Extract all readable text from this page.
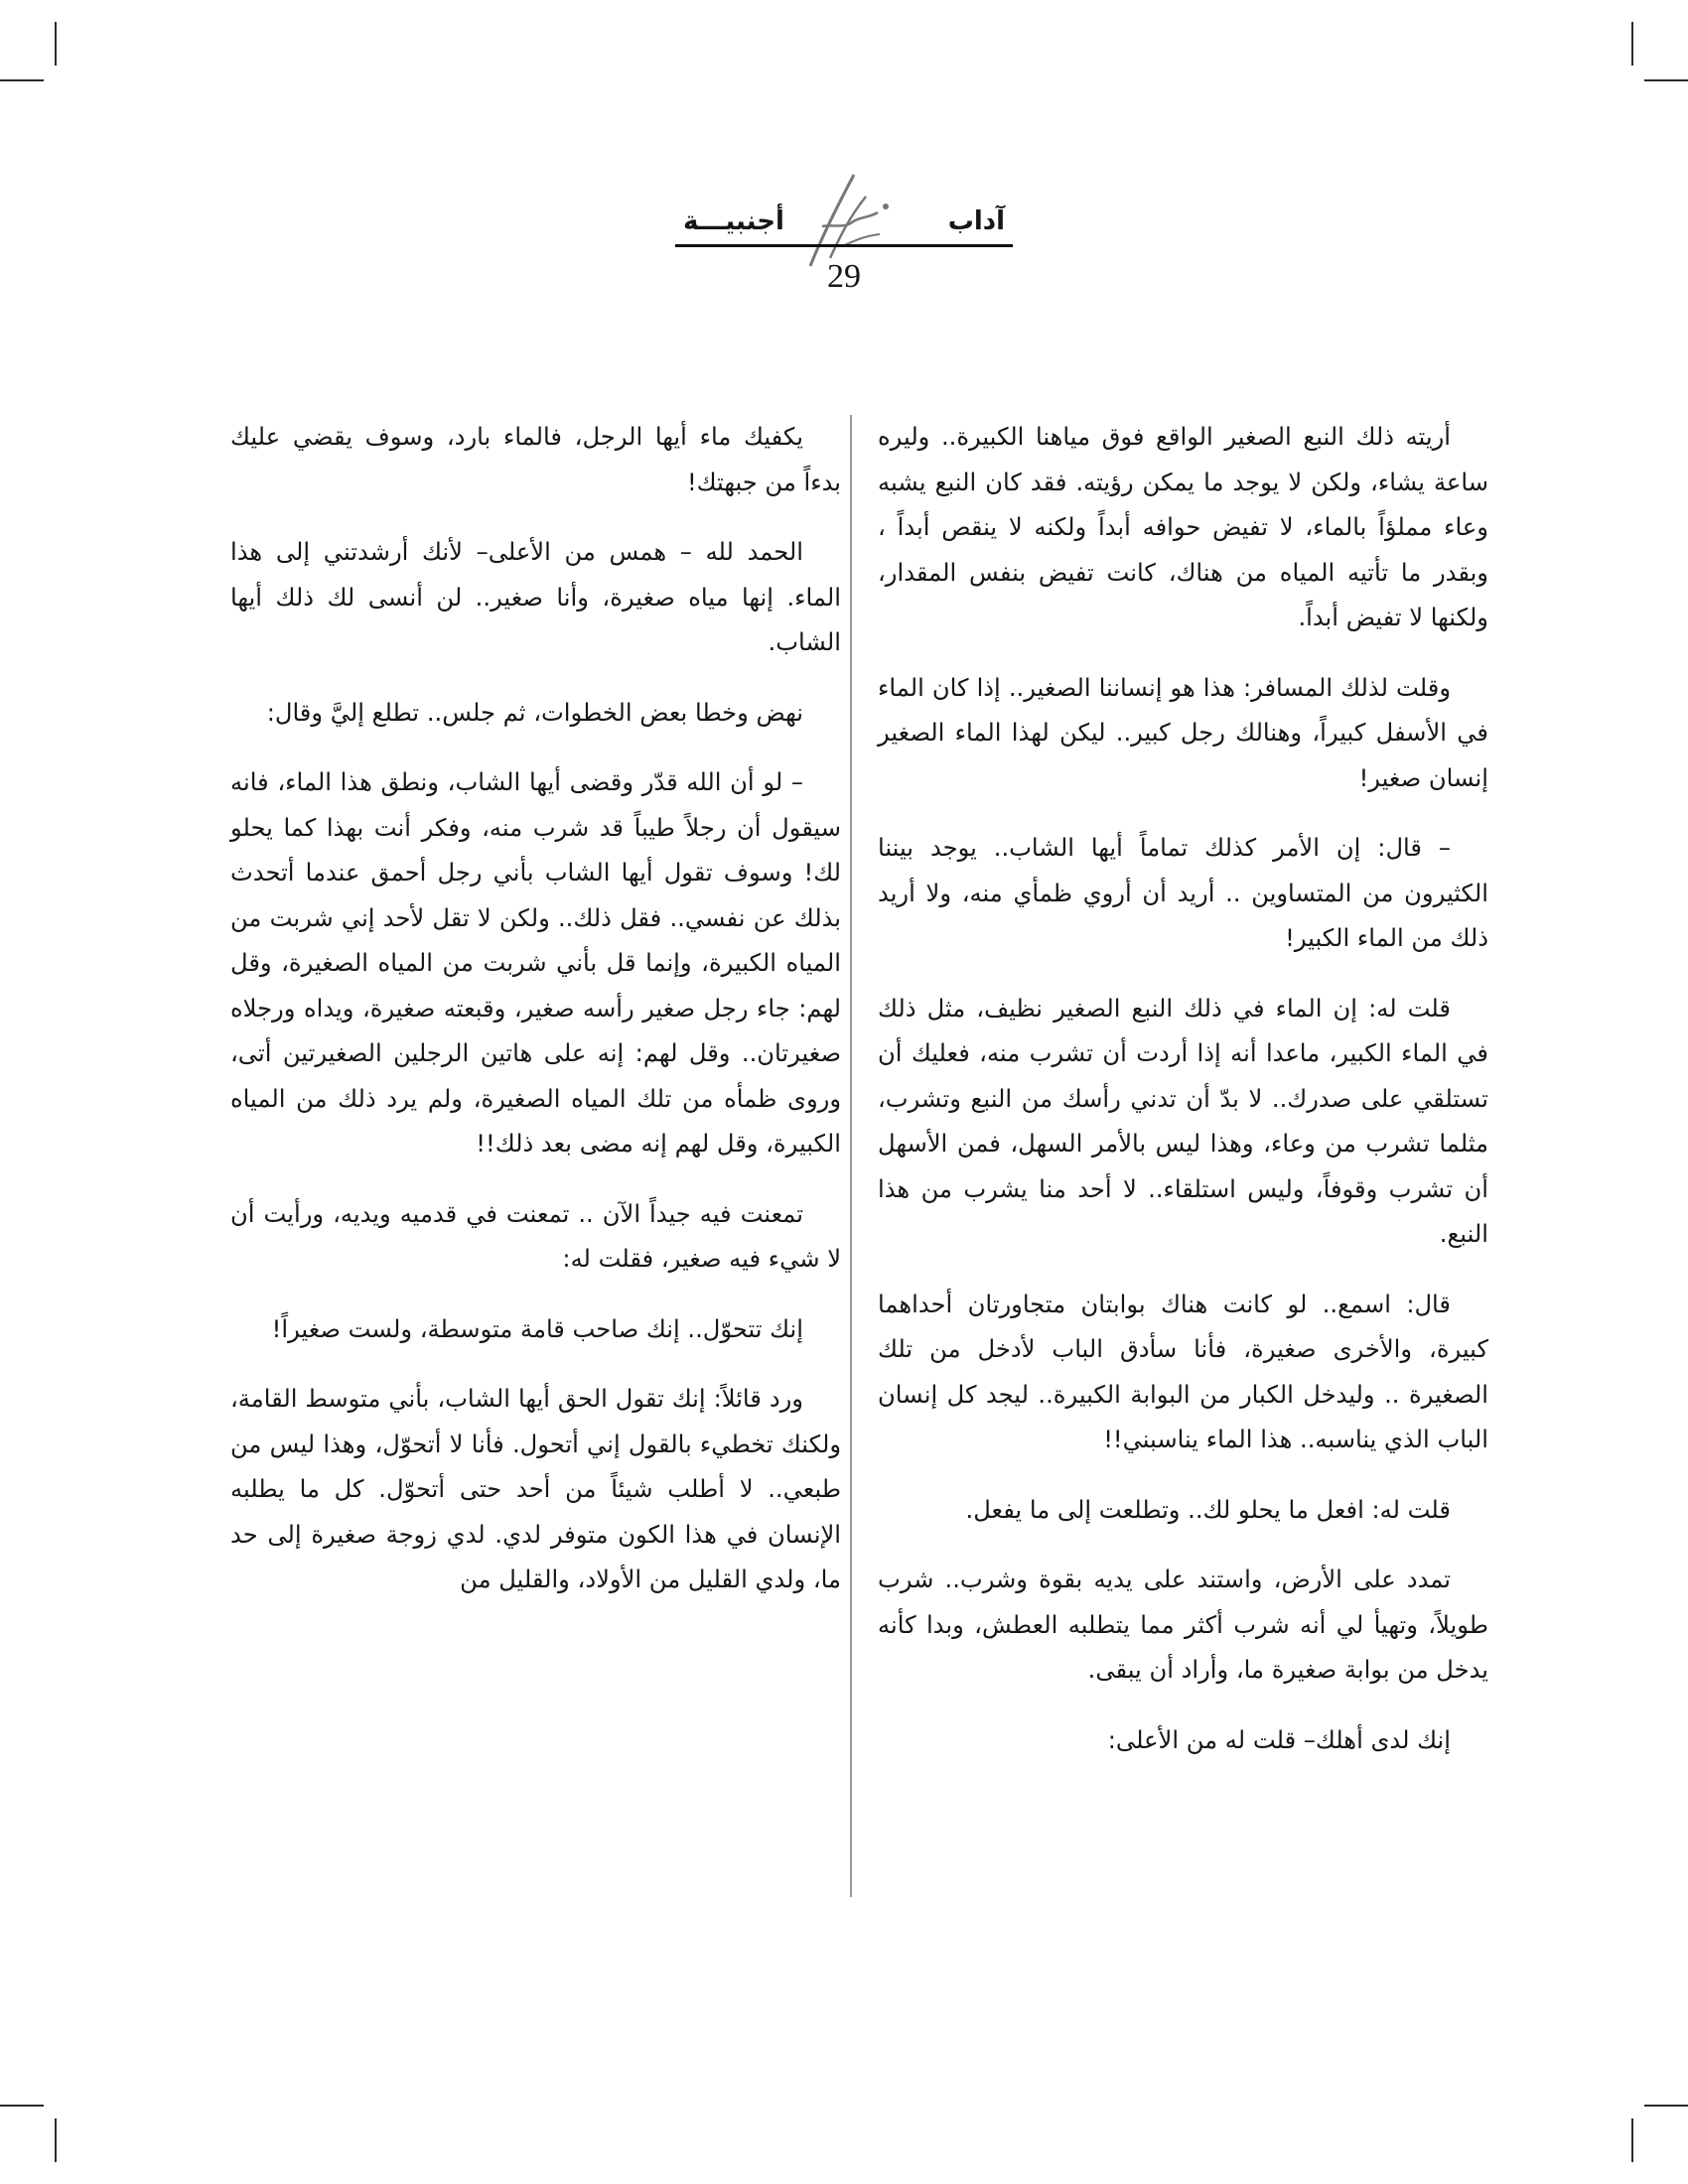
أجنبيـــة	آداب
29

أريته ذلك النبع الصغير الواقع فوق مياهنا الكبيرة.. وليره ساعة يشاء، ولكن لا يوجد ما يمكن رؤيته. فقد كان النبع يشبه وعاء مملؤاً بالماء، لا تفيض حوافه أبداً ولكنه لا ينقص أبداً ، وبقدر ما تأتيه المياه من هناك، كانت تفيض بنفس المقدار، ولكنها لا تفيض أبداً.

وقلت لذلك المسافر: هذا هو إنساننا الصغير.. إذا كان الماء في الأسفل كبيراً، وهنالك رجل كبير.. ليكن لهذا الماء الصغير إنسان صغير!

– قال: إن الأمر كذلك تماماً أيها الشاب.. يوجد بيننا الكثيرون من المتساوين .. أريد أن أروي ظمأي منه، ولا أريد ذلك من الماء الكبير!

قلت له: إن الماء في ذلك النبع الصغير نظيف، مثل ذلك في الماء الكبير، ماعدا أنه إذا أردت أن تشرب منه، فعليك أن تستلقي على صدرك.. لا بدّ أن تدني رأسك من النبع وتشرب، مثلما تشرب من وعاء، وهذا ليس بالأمر السهل، فمن الأسهل أن تشرب وقوفاً، وليس استلقاء.. لا أحد منا يشرب من هذا النبع.

قال: اسمع.. لو كانت هناك بوابتان متجاورتان أحداهما كبيرة، والأخرى صغيرة، فأنا سأدق الباب لأدخل من تلك الصغيرة .. وليدخل الكبار من البوابة الكبيرة.. ليجد كل إنسان الباب الذي يناسبه.. هذا الماء يناسبني!!

قلت له: افعل ما يحلو لك.. وتطلعت إلى ما يفعل.

تمدد على الأرض، واستند على يديه بقوة وشرب.. شرب طويلاً، وتهيأ لي أنه شرب أكثر مما يتطلبه العطش، وبدا كأنه يدخل من بوابة صغيرة ما، وأراد أن يبقى.

إنك لدى أهلك– قلت له من الأعلى:

يكفيك ماء أيها الرجل، فالماء بارد، وسوف يقضي عليك بدءاً من جبهتك!

الحمد لله – همس من الأعلى– لأنك أرشدتني إلى هذا الماء. إنها مياه صغيرة، وأنا صغير.. لن أنسى لك ذلك أيها الشاب.

نهض وخطا بعض الخطوات، ثم جلس.. تطلع إليَّ وقال:

– لو أن الله قدّر وقضى أيها الشاب، ونطق هذا الماء، فانه سيقول أن رجلاً طيباً قد شرب منه، وفكر أنت بهذا كما يحلو لك! وسوف تقول أيها الشاب بأني رجل أحمق عندما أتحدث بذلك عن نفسي.. فقل ذلك.. ولكن لا تقل لأحد إني شربت من المياه الكبيرة، وإنما قل بأني شربت من المياه الصغيرة، وقل لهم: جاء رجل صغير رأسه صغير، وقبعته صغيرة، ويداه ورجلاه صغيرتان.. وقل لهم: إنه على هاتين الرجلين الصغيرتين أتى، وروى ظمأه من تلك المياه الصغيرة، ولم يرد ذلك من المياه الكبيرة، وقل لهم إنه مضى بعد ذلك!!

تمعنت فيه جيداً الآن .. تمعنت في قدميه ويديه، ورأيت أن لا شيء فيه صغير، فقلت له:

إنك تتحوّل.. إنك صاحب قامة متوسطة، ولست صغيراً!

ورد قائلاً: إنك تقول الحق أيها الشاب، بأني متوسط القامة، ولكنك تخطيء بالقول إني أتحول. فأنا لا أتحوّل، وهذا ليس من طبعي.. لا أطلب شيئاً من أحد حتى أتحوّل. كل ما يطلبه الإنسان في هذا الكون متوفر لدي. لدي زوجة صغيرة إلى حد ما، ولدي القليل من الأولاد، والقليل من
